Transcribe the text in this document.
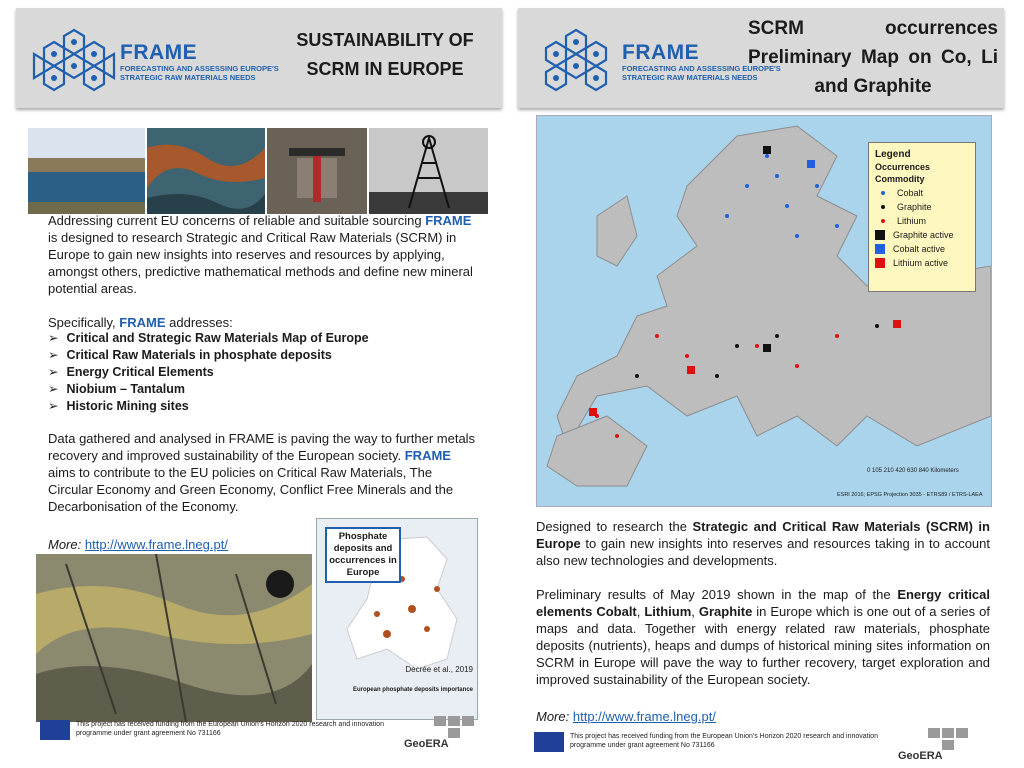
FRAME
FORECASTING AND ASSESSING EUROPE'S STRATEGIC RAW MATERIALS NEEDS
SUSTAINABILITY OF SCRM IN EUROPE
Addressing current EU concerns of reliable and suitable sourcing FRAME is designed to research Strategic and Critical Raw Materials (SCRM) in Europe to gain new insights into reserves and resources by applying, amongst others, predictive mathematical methods and define new mineral potential areas.
Specifically, FRAME addresses:
➢ Critical and Strategic Raw Materials Map of Europe
➢ Critical Raw Materials in phosphate deposits
➢ Energy Critical Elements
➢ Niobium – Tantalum
➢ Historic Mining sites
Data gathered and analysed in FRAME is paving the way to further metals recovery and improved sustainability of the European society. FRAME aims to contribute to the EU policies on Critical Raw Materials, The Circular Economy and Green Economy, Conflict Free Minerals and the Decarbonisation of the Economy.
More: http://www.frame.lneg.pt/
Phosphate deposits and occurrences in Europe
Decrée et al., 2019
European phosphate deposits importance
This project has received funding from the European Union's Horizon 2020 research and innovation programme under grant agreement No 731166
GeoERA
FRAME
FORECASTING AND ASSESSING EUROPE'S STRATEGIC RAW MATERIALS NEEDS
SCRM occurrences Preliminary Map on Co, Li and Graphite
0 105 210 420 630 840 Kilometers
ESRI 2016; EPSG Projection 3035 - ETRS89 / ETRS-LAEA
Legend
Occurrences
Commodity
Cobalt
Graphite
Lithium
Graphite active
Cobalt active
Lithium active
Designed to research the Strategic and Critical Raw Materials (SCRM) in Europe to gain new insights into reserves and resources taking in to account also new technologies and developments.
Preliminary results of May 2019 shown in the map of the Energy critical elements Cobalt, Lithium, Graphite in Europe which is one out of a series of maps and data. Together with energy related raw materials, phosphate deposits (nutrients), heaps and dumps of historical mining sites information on SCRM in Europe will pave the way to further recovery, target exploration and improved sustainability of the European society.
More: http://www.frame.lneg.pt/
This project has received funding from the European Union's Horizon 2020 research and innovation programme under grant agreement No 731166
GeoERA
